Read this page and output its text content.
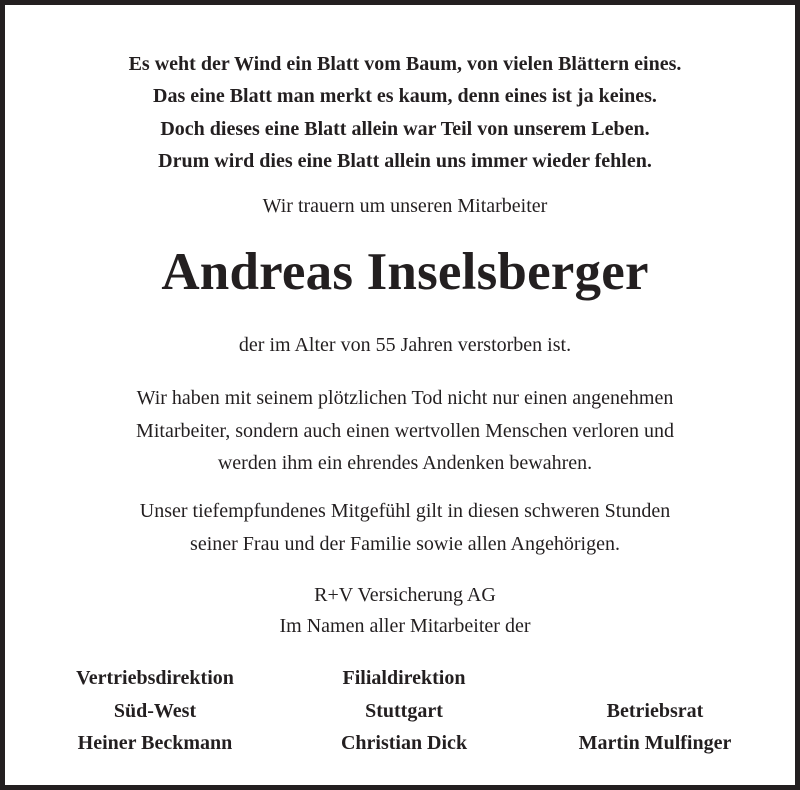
Es weht der Wind ein Blatt vom Baum, von vielen Blättern eines.
Das eine Blatt man merkt es kaum, denn eines ist ja keines.
Doch dieses eine Blatt allein war Teil von unserem Leben.
Drum wird dies eine Blatt allein uns immer wieder fehlen.
Wir trauern um unseren Mitarbeiter
Andreas Inselsberger
der im Alter von 55 Jahren verstorben ist.
Wir haben mit seinem plötzlichen Tod nicht nur einen angenehmen
Mitarbeiter, sondern auch einen wertvollen Menschen verloren und
werden ihm ein ehrendes Andenken bewahren.
Unser tiefempfundenes Mitgefühl gilt in diesen schweren Stunden
seiner Frau und der Familie sowie allen Angehörigen.
R+V Versicherung AG
Im Namen aller Mitarbeiter der
Vertriebsdirektion
Süd-West
Heiner Beckmann
Filialdirektion
Stuttgart
Christian Dick
Betriebsrat
Martin Mulfinger
